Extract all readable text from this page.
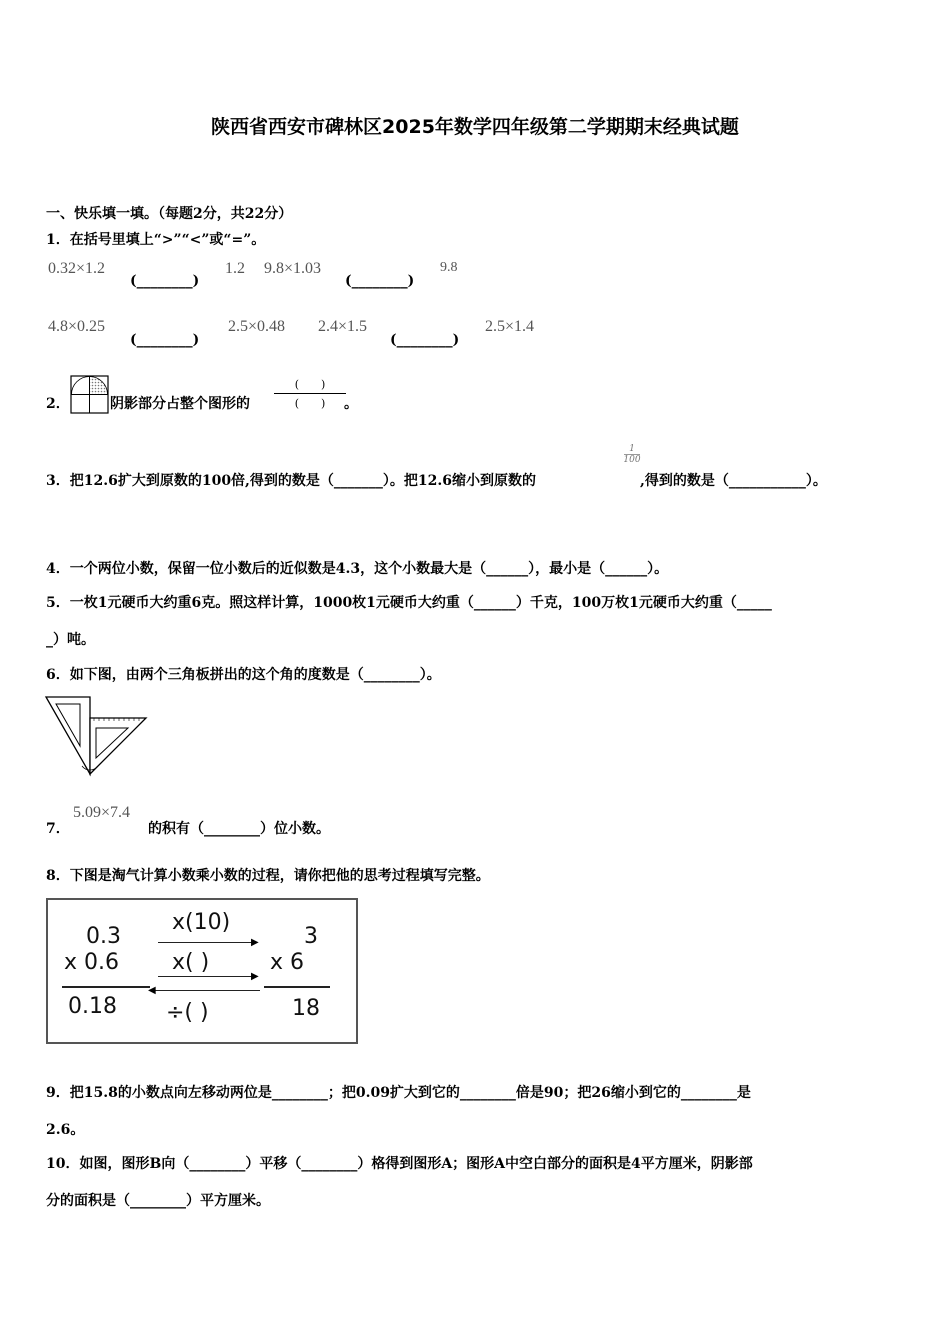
陕西省西安市碑林区2025年数学四年级第二学期期末经典试题
一、快乐填一填。（每题2分，共22分）
1．在括号里填上“>”“<”或“=”。
0.32×1.2
(________)
1.2 9.8×1.03
(________)
9.8
4.8×0.25
(________)
2.5×0.48 2.4×1.5
(________)
2.5×1.4
2．	阴影部分占整个图形的
(　　)
(　　)	。
3．把12.6扩大到原数的100倍,得到的数是（_______）。把12.6缩小到原数的
1
100
,得到的数是（___________）。
4．一个两位小数，保留一位小数后的近似数是4.3，这个小数最大是（______），最小是（______）。
5．一枚1元硬币大约重6克。照这样计算，1000枚1元硬币大约重（______）千克，100万枚1元硬币大约重（_____
_）吨。
6．如下图，由两个三角板拼出的这个角的度数是（________）。
7．
5.09×7.4
的积有（________）位小数。
8．下图是淘气计算小数乘小数的过程，请你把他的思考过程填写完整。
0.3
x 0.6
0.18
x(10)
▶
x( )
▶
◀
÷( )
3
x 6
18
9．把15.8的小数点向左移动两位是________；把0.09扩大到它的________倍是90；把26缩小到它的________是
2.6。
10．如图，图形B向（________）平移（________）格得到图形A；图形A中空白部分的面积是4平方厘米，阴影部
分的面积是（________）平方厘米。
